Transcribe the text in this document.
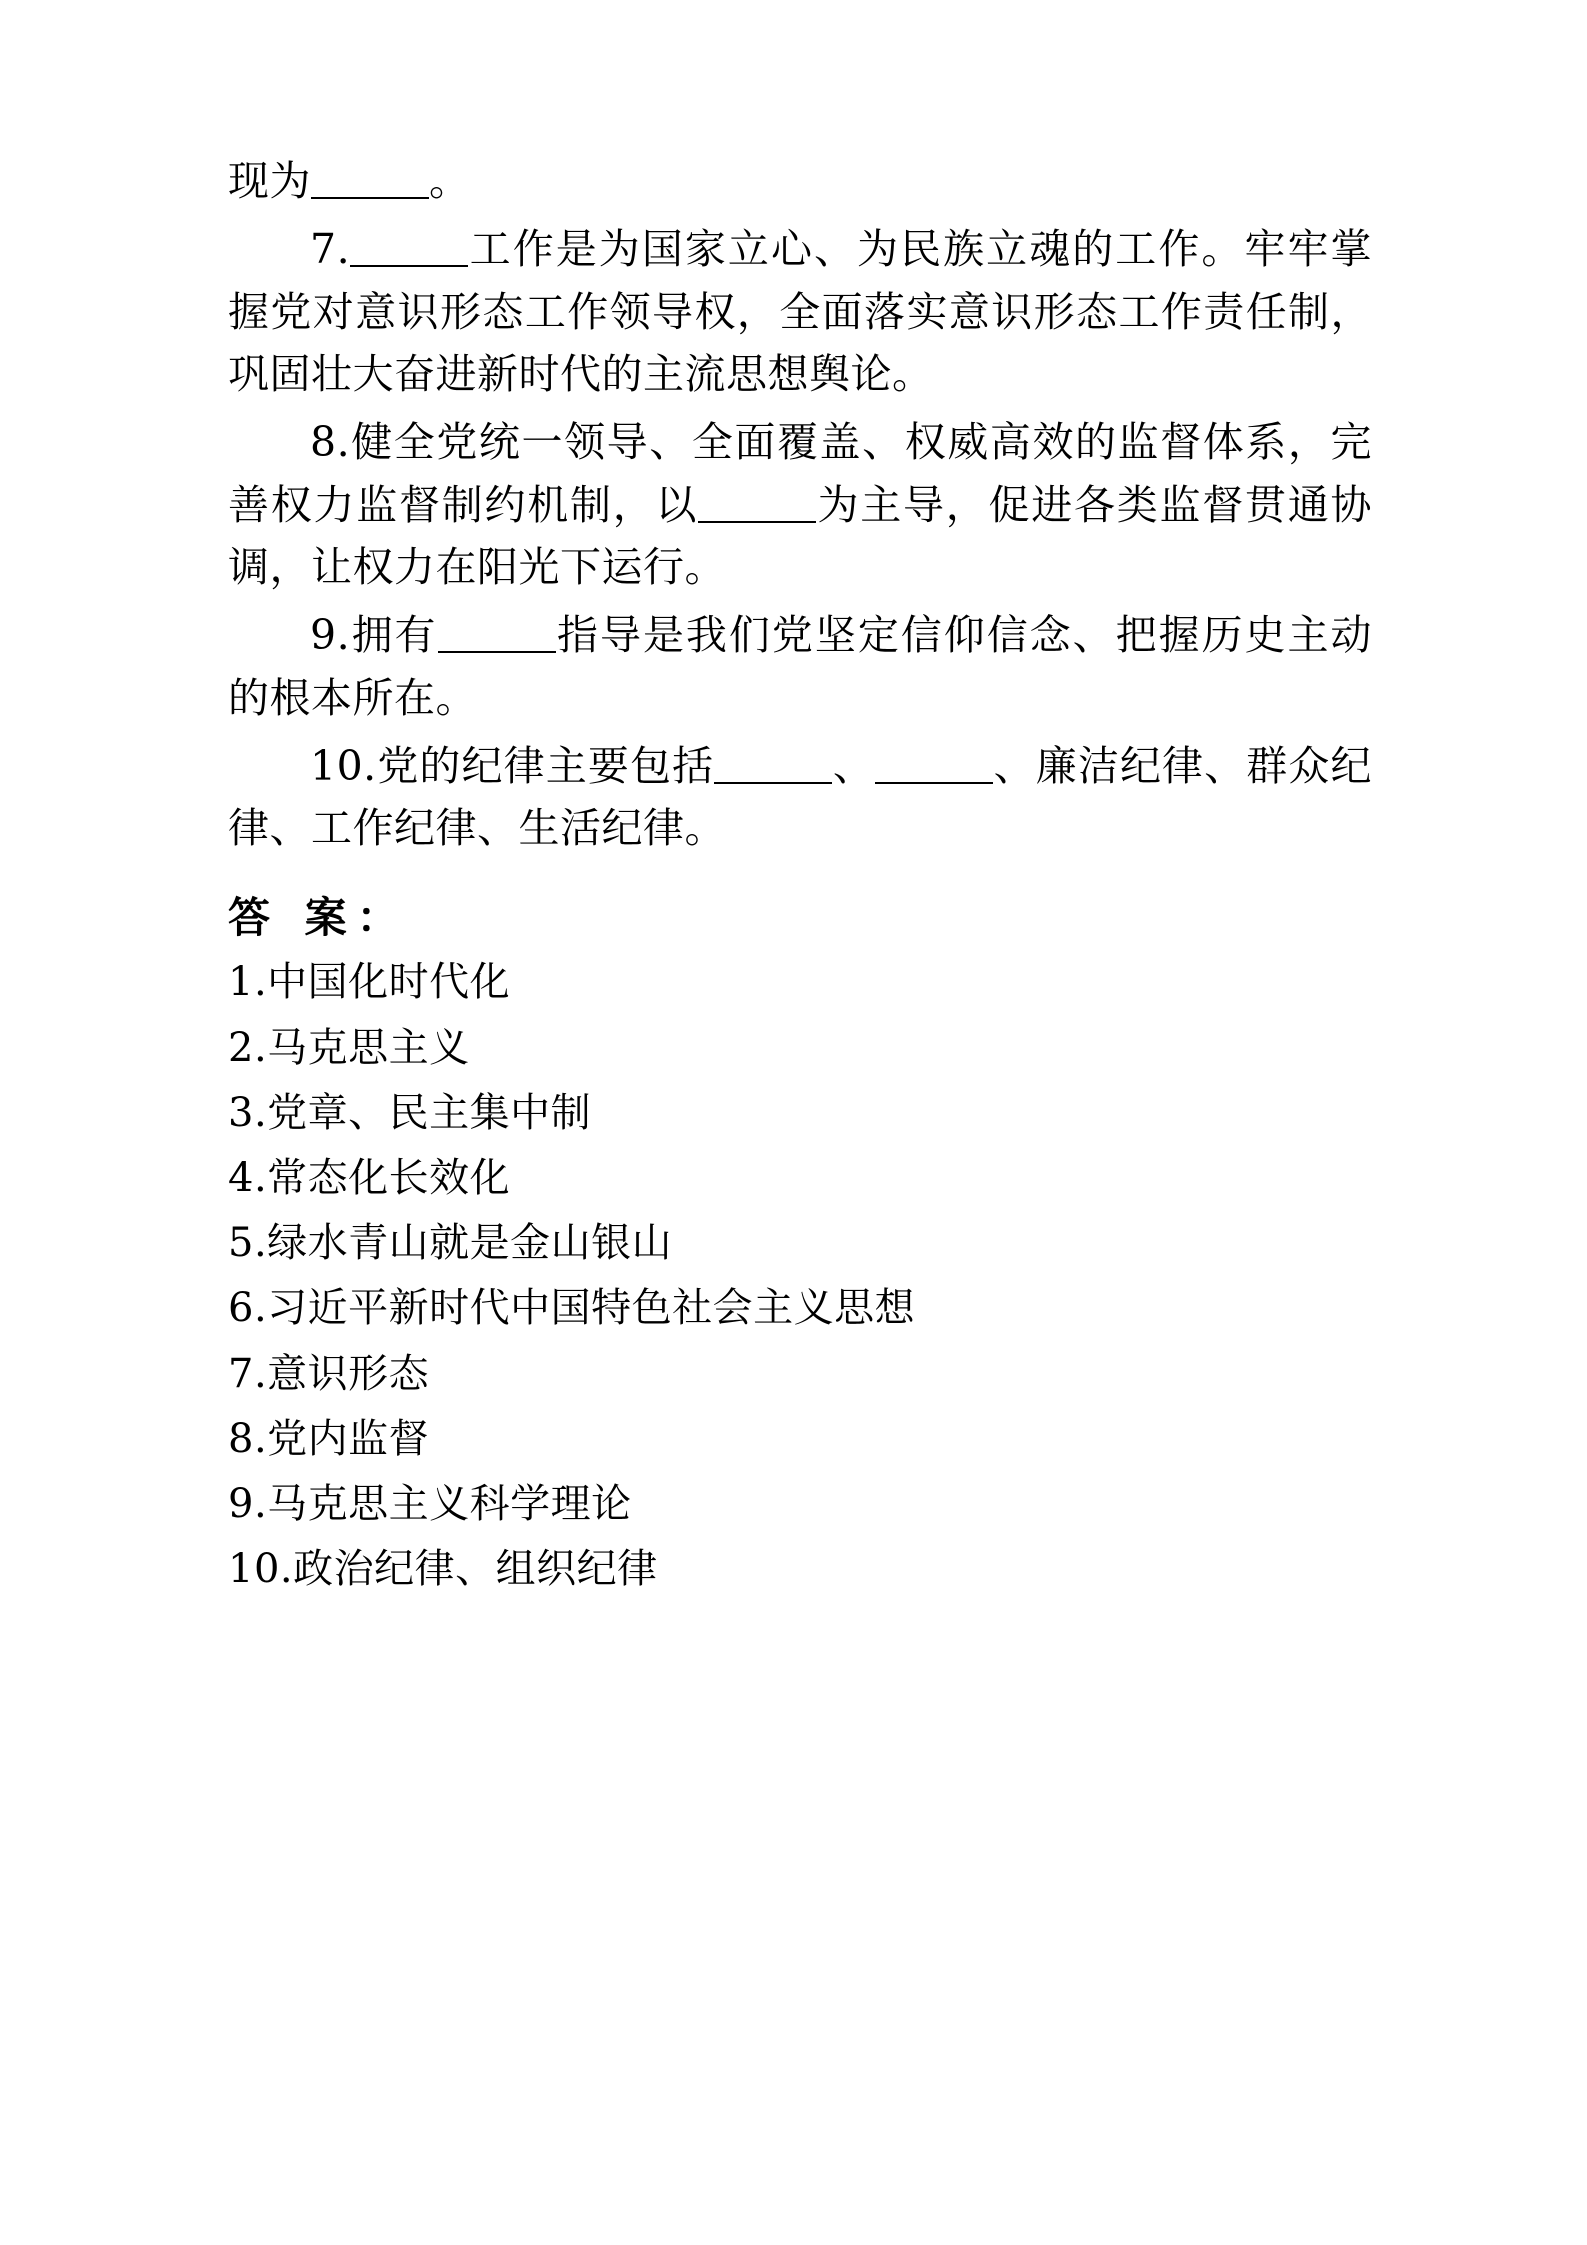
现为	。

7.	工作是为国家立心、为民族立魂的工作。牢牢掌握党对意识形态工作领导权，全面落实意识形态工作责任制，巩固壮大奋进新时代的主流思想舆论。

8.健全党统一领导、全面覆盖、权威高效的监督体系，完善权力监督制约机制，以	为主导，促进各类监督贯通协调，让权力在阳光下运行。

9.拥有	指导是我们党坚定信仰信念、把握历史主动的根本所在。

10.党的纪律主要包括	、	、廉洁纪律、群众纪律、工作纪律、生活纪律。

答 案：
1.中国化时代化
2.马克思主义
3.党章、民主集中制
4.常态化长效化
5.绿水青山就是金山银山
6.习近平新时代中国特色社会主义思想
7.意识形态
8.党内监督
9.马克思主义科学理论
10.政治纪律、组织纪律
